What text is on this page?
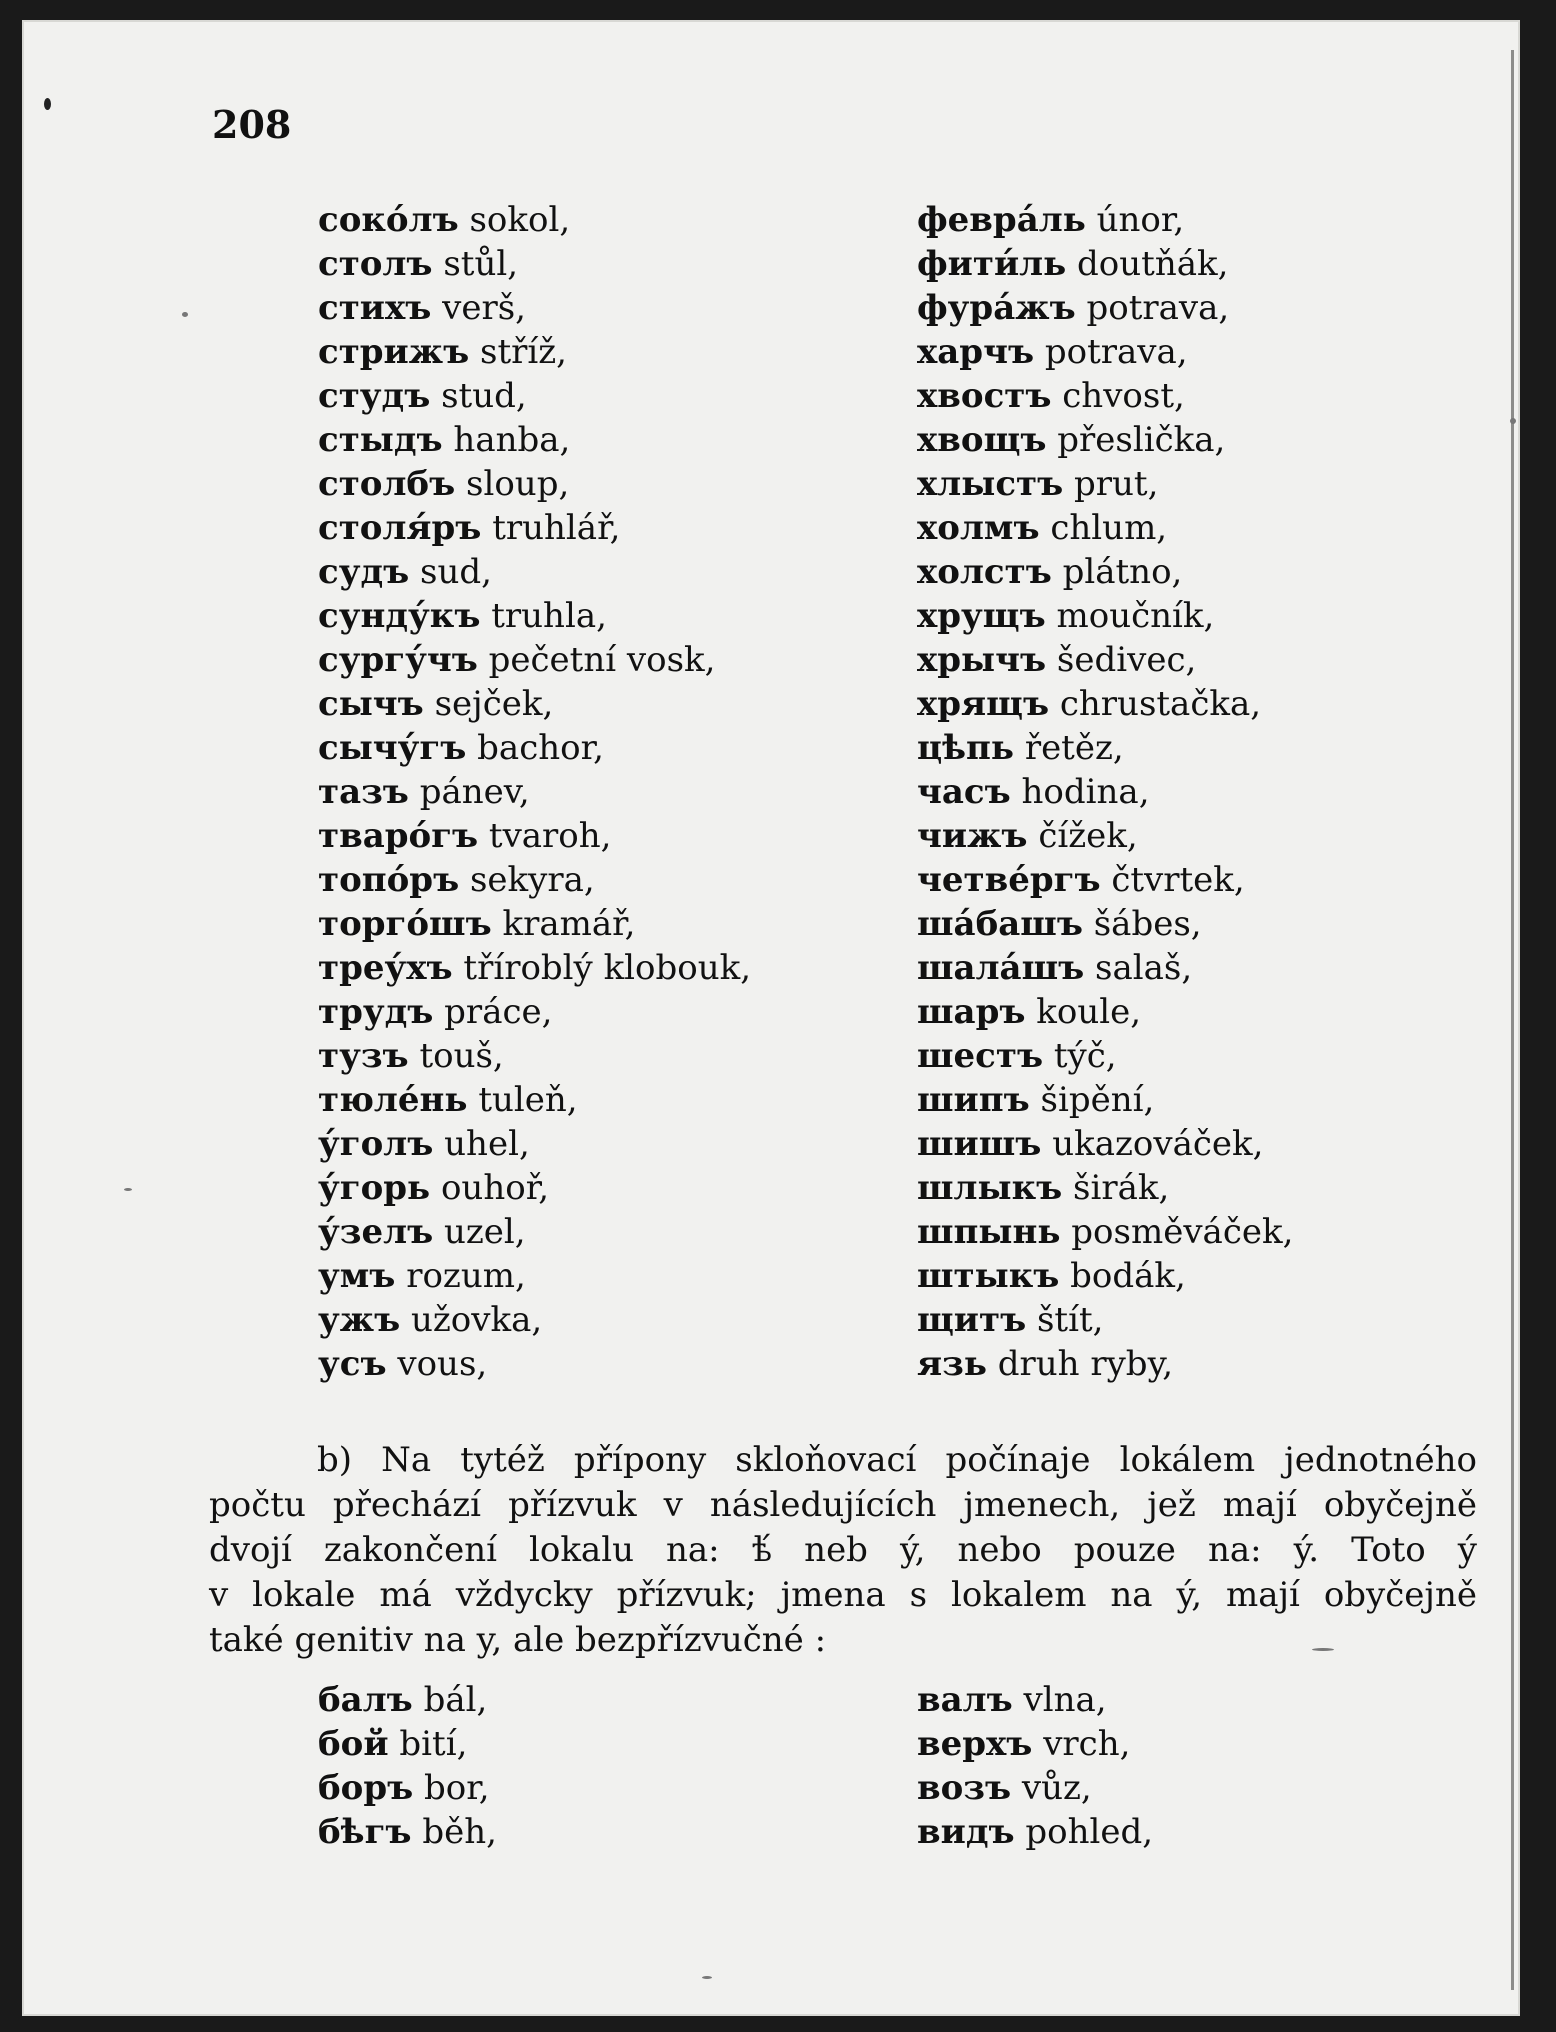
208
сокóлъ sokol,
столъ stůl,
стихъ verš,
стрижъ stříž,
студъ stud,
стыдъ hanba,
столбъ sloup,
столя́ръ truhlář,
судъ sud,
сунду́къ truhla,
сургу́чъ pečetní vosk,
сычъ sejček,
сычу́гъ bachor,
тазъ pánev,
твaрóгъ tvaroh,
топóръ sekyra,
торгóшъ kramář,
треу́хъ tříroblý klobouk,
трудъ práce,
тузъ touš,
тюлéнь tuleň,
у́голъ uhel,
у́горь ouhoř,
у́зелъ uzel,
умъ rozum,
ужъ užovka,
усъ vous,
февра́ль únor,
фити́ль doutňák,
фура́жъ potrava,
харчъ potrava,
хвостъ chvost,
хвощъ přeslička,
хлыстъ prut,
холмъ chlum,
холстъ plátno,
хрущъ moučník,
хрычъ šedivec,
хрящъ chrustačka,
цѣпь řetěz,
часъ hodina,
чижъ čížek,
четвéргъ čtvrtek,
ша́башъ šábes,
шала́шъ salaš,
шаръ koule,
шестъ týč,
шипъ šipění,
шишъ ukazováček,
шлыкъ širák,
шпынь posměváček,
штыкъ bodák,
щитъ štít,
язь druh ryby,

b) Na tytéž přípony skloňovací počínaje lokálem jednotného
počtu přechází přízvuk v následujících jmenech, jež mají obyčejně
dvojí zakončení lokalu na: ѣ́ neb ý, nebo pouze na: ý. Toto ý
v lokale má vždycky přízvuk; jmena s lokalem na ý, mají obyčejně
také genitiv na y, ale bezpřízvučné :

балъ bál,
бой bití,
боръ bor,
бѣгъ běh,
валъ vlna,
верхъ vrch,
возъ vůz,
видъ pohled,
